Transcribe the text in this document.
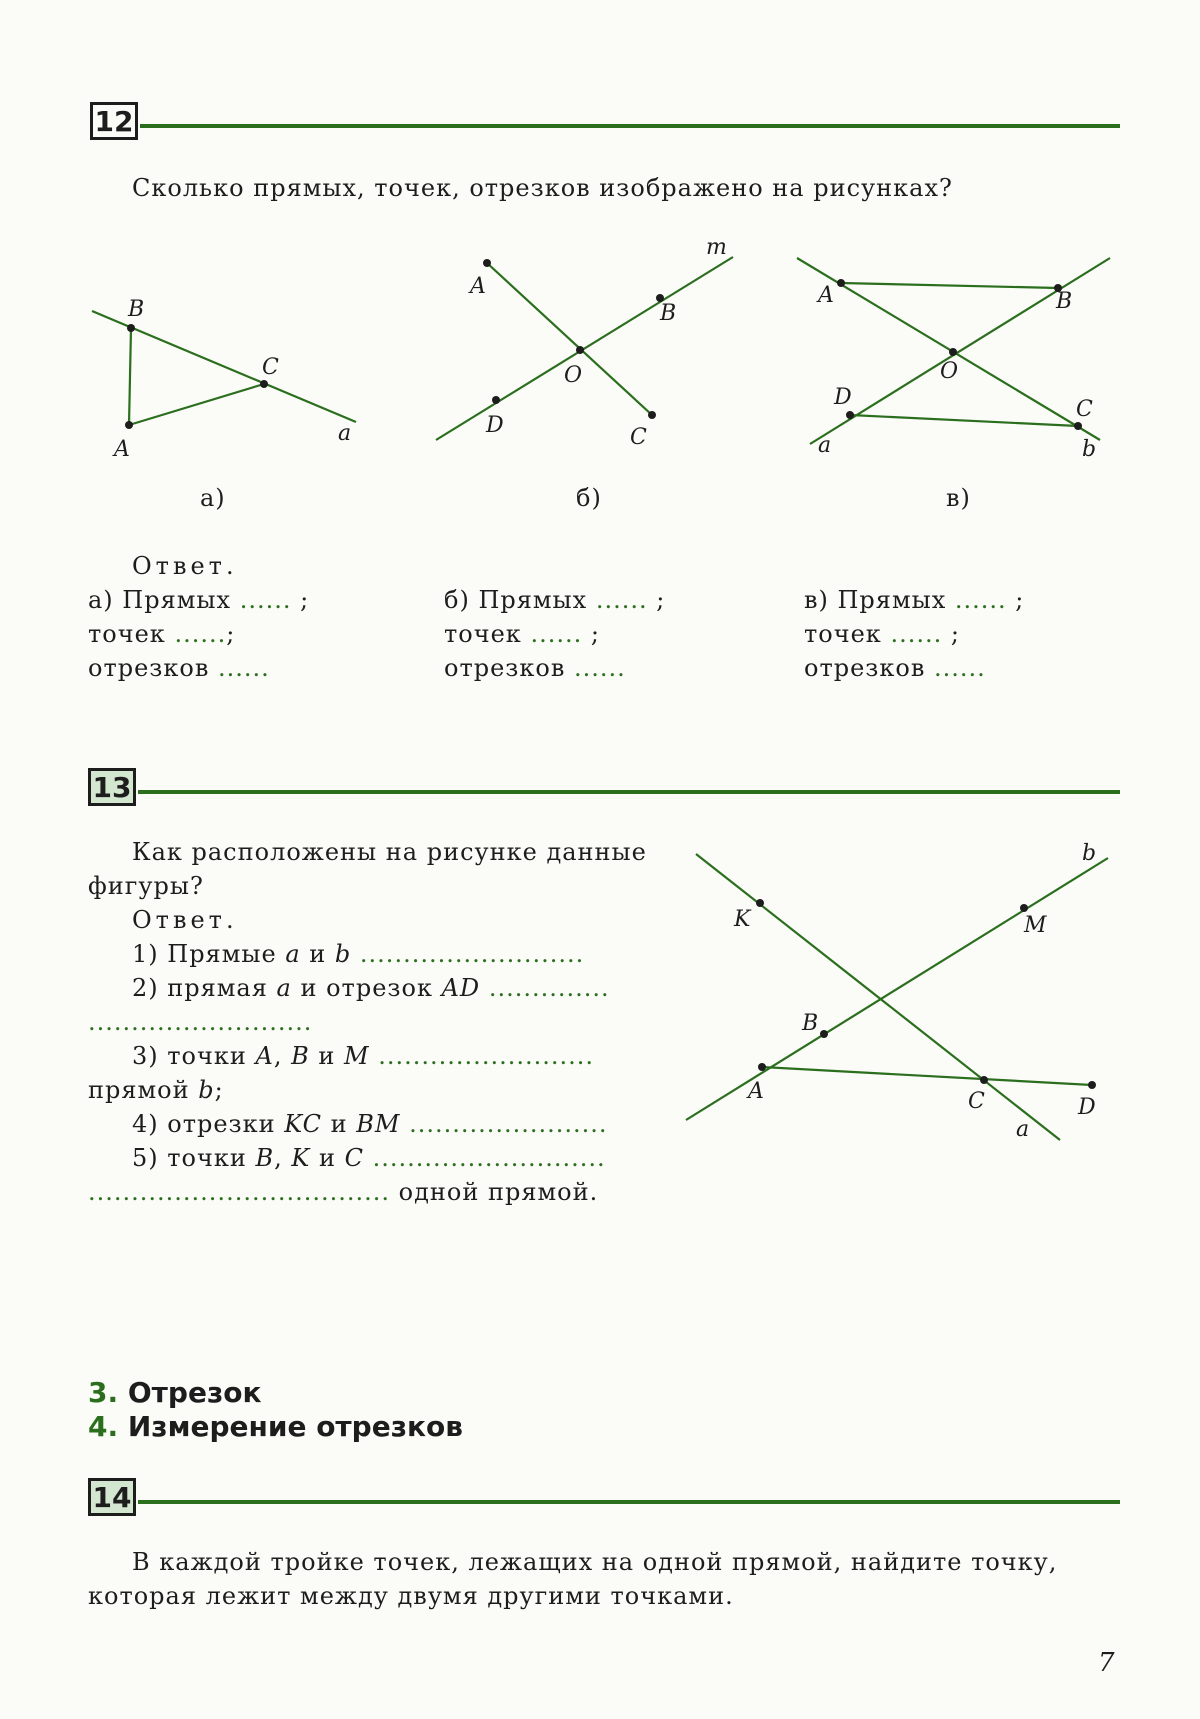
12
Сколько прямых, точек, отрезков изображено на рисунках?
B
C
A
a
m
A
B
O
D	C
A	B
O
D	C
a	b
а)	б)	в)
Ответ.
а) Прямых ...... ;
точек ......;
отрезков ......
б) Прямых ...... ;
точек ...... ;
отрезков ......
в) Прямых ...... ;
точек ...... ;
отрезков ......
13
Как расположены на рисунке данные
фигуры?
Ответ.
1) Прямые a и b ..........................
2) прямая a и отрезок AD ..............
..........................
3) точки A, B и M .........................
прямой b;
4) отрезки KC и BM .......................
5) точки B, K и C ...........................
................................... одной прямой.
b
K	M
B
A	C	D
a
3. Отрезок
4. Измерение отрезков
14
В каждой тройке точек, лежащих на одной прямой, найдите точку,
которая лежит между двумя другими точками.
7
